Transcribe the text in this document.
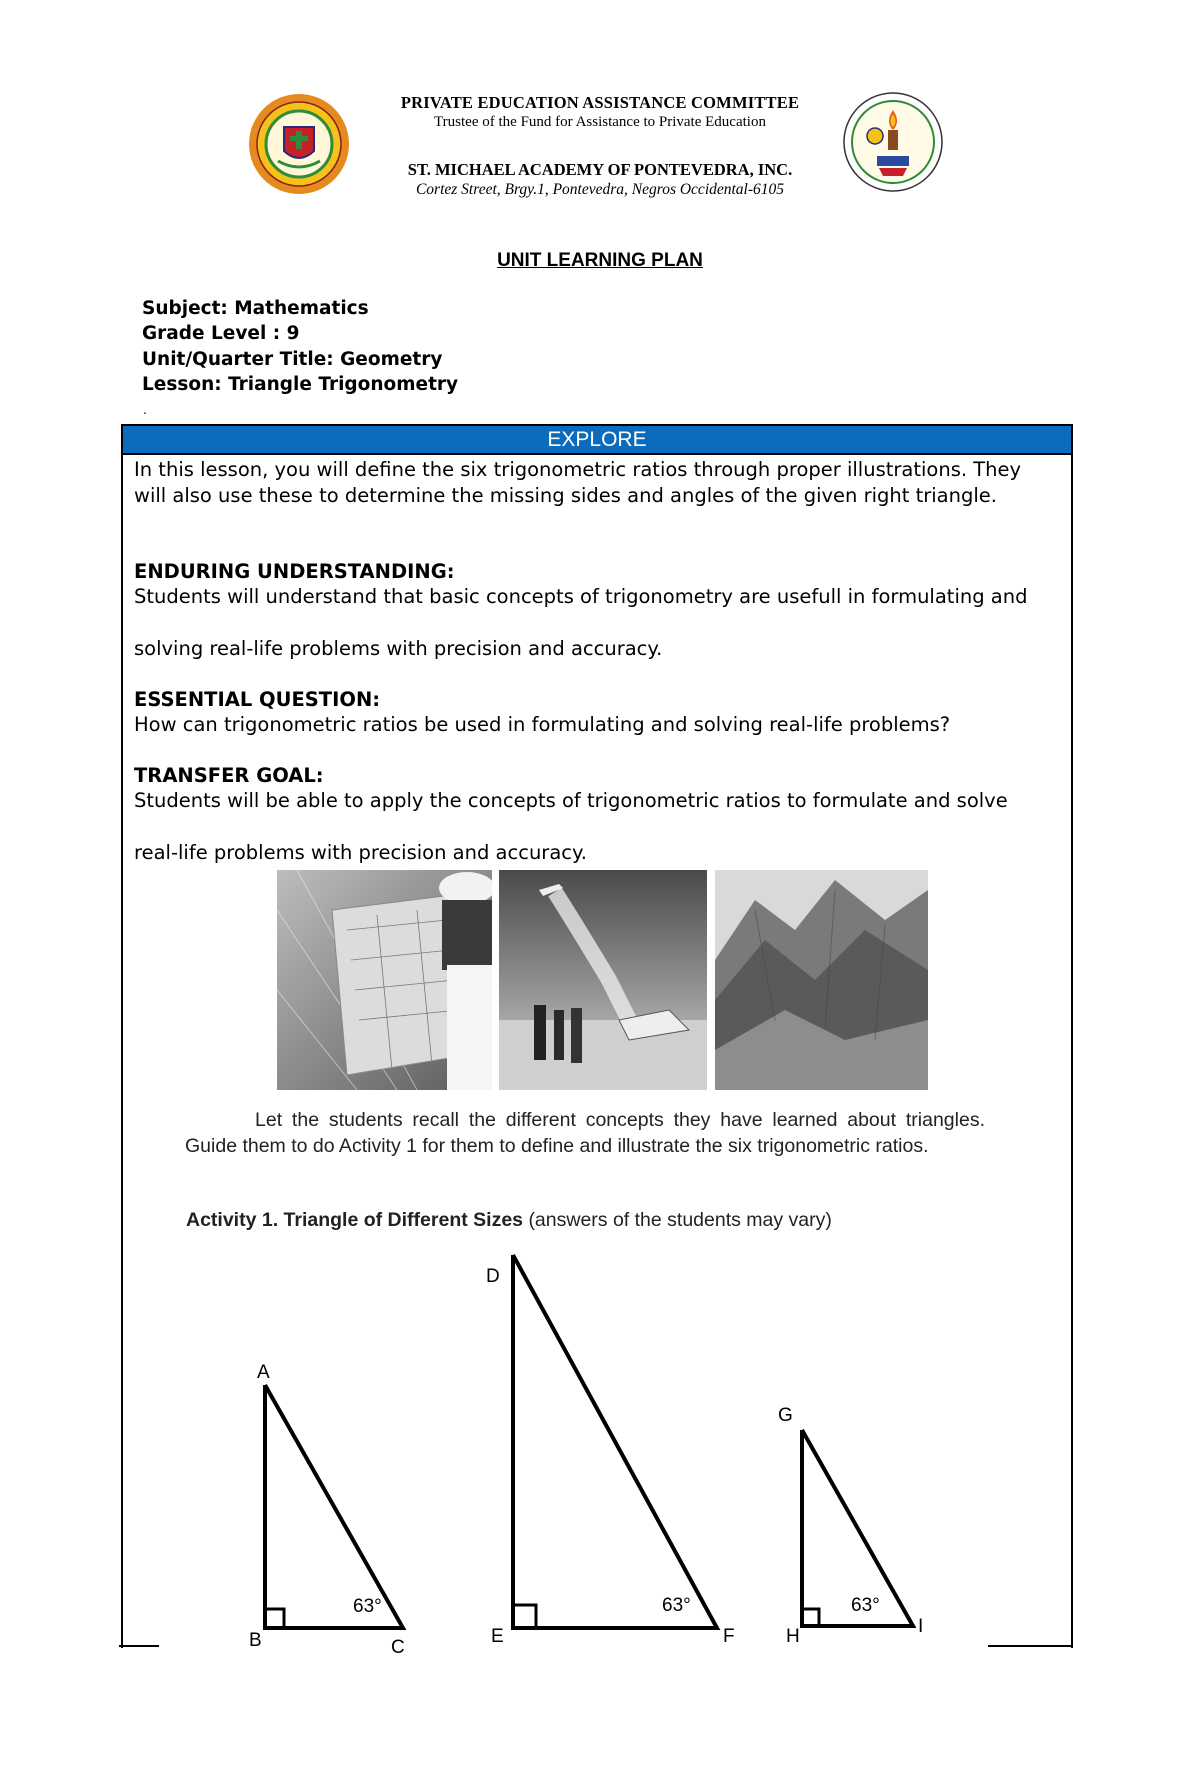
PRIVATE EDUCATION ASSISTANCE COMMITTEE
Trustee of the Fund for Assistance to Private Education
ST. MICHAEL ACADEMY OF PONTEVEDRA, INC.
Cortez Street, Brgy.1, Pontevedra, Negros Occidental-6105
UNIT LEARNING PLAN
Subject: Mathematics
Grade Level : 9
Unit/Quarter Title: Geometry
Lesson: Triangle Trigonometry
.
EXPLORE
In this lesson, you will define the six trigonometric ratios through proper illustrations. They will also use these to determine the missing sides and angles of the given right triangle.
ENDURING UNDERSTANDING:
Students will understand that basic concepts of trigonometry are usefull in formulating and
solving real-life problems with precision and accuracy.
ESSENTIAL QUESTION:
How can trigonometric ratios be used in formulating and solving real-life problems?
TRANSFER GOAL:
Students will be able to apply the concepts of trigonometric ratios to formulate and solve
real-life problems with precision and accuracy.
Let the students recall the different concepts they have learned about triangles. Guide them to do Activity 1 for them to define and illustrate the six trigonometric ratios.
Activity 1. Triangle of Different Sizes (answers of the students may vary)
A
B	C
63°
D
E	F
63°
G
H	I
63°
